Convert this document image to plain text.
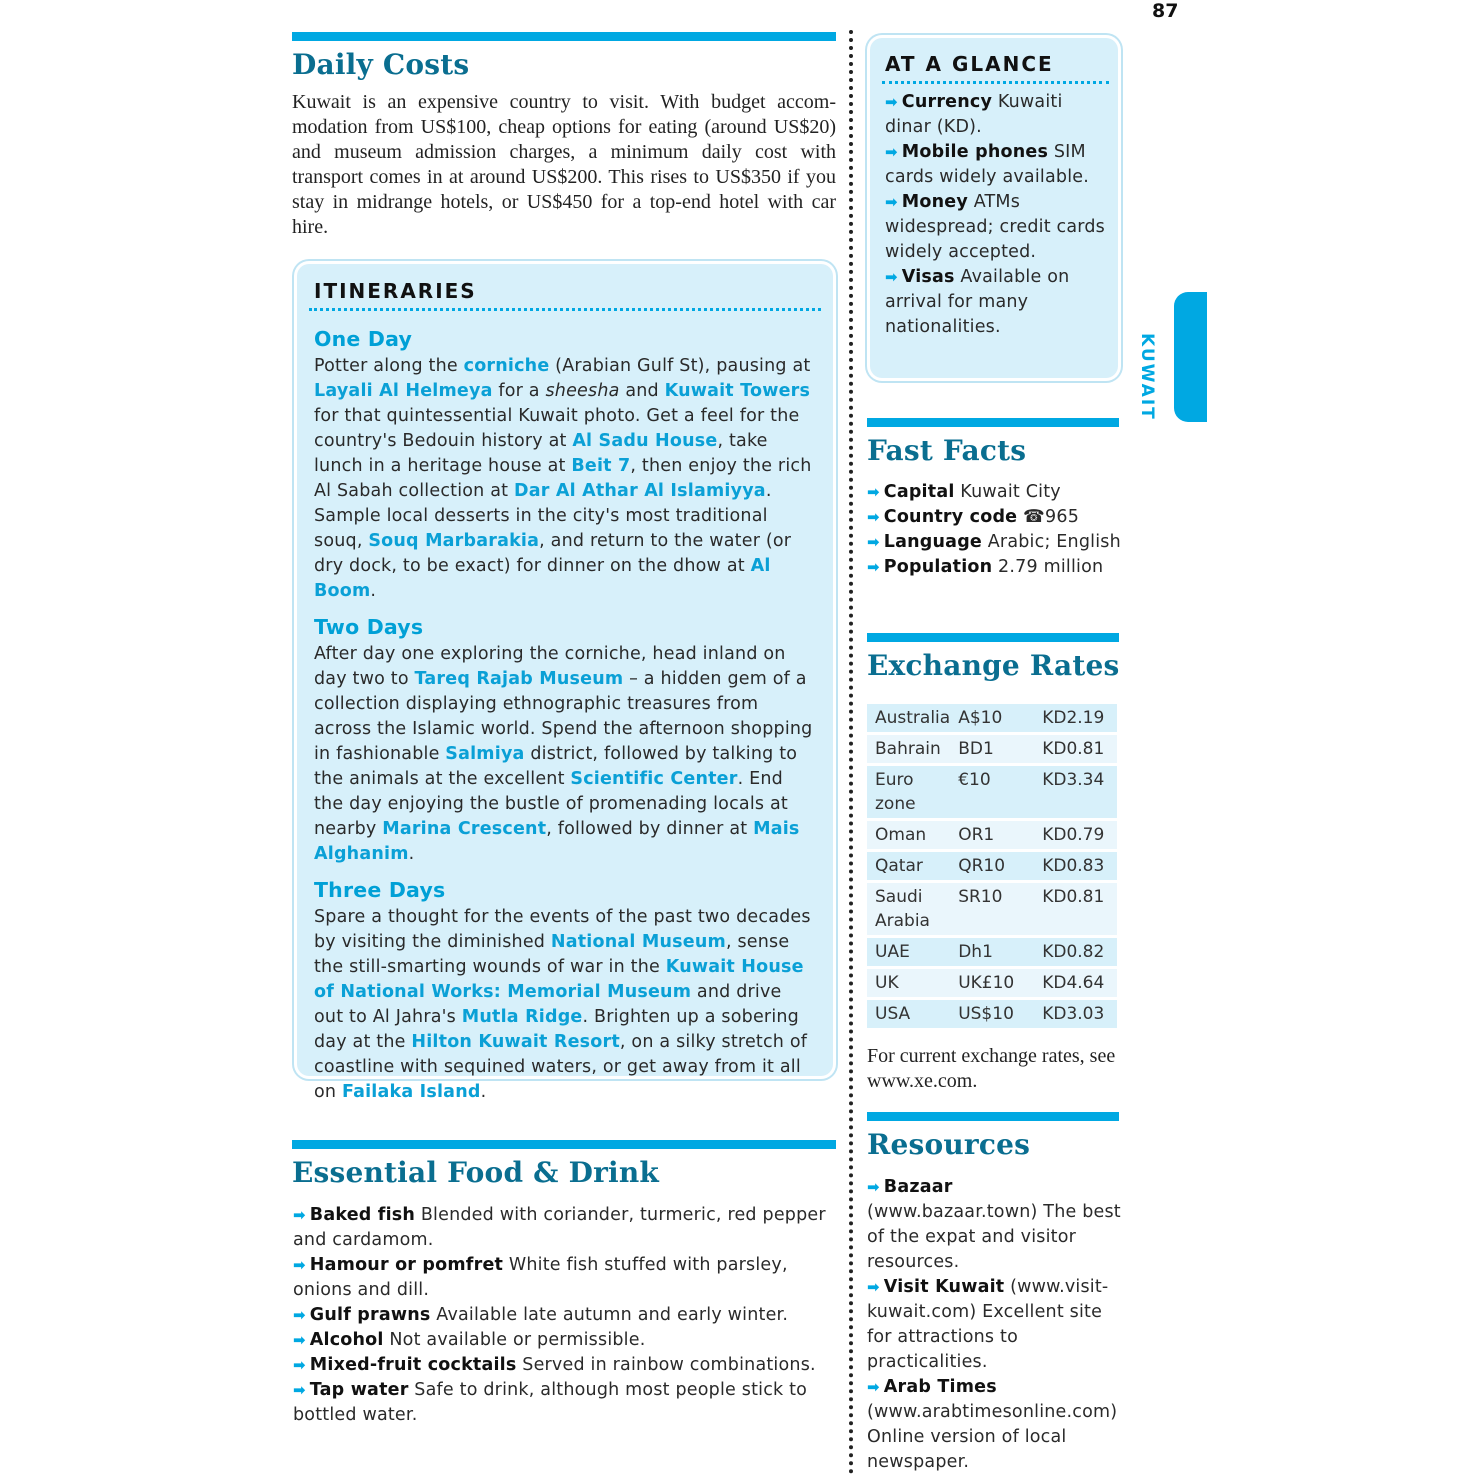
87
Daily Costs
Kuwait is an expensive country to visit. With budget accommodation from US$100, cheap options for eating (around US$20) and museum admission charges, a minimum daily cost with transport comes in at around US$200. This rises to US$350 if you stay in midrange hotels, or US$450 for a top-end hotel with car hire.
ITINERARIES
One Day

Potter along the corniche (Arabian Gulf St), pausing at Layali Al Helmeya for a sheesha and Kuwait Towers for that quintessential Kuwait photo. Get a feel for the country's Bedouin history at Al Sadu House, take lunch in a heritage house at Beit 7, then enjoy the rich Al Sabah collection at Dar Al Athar Al Islamiyya. Sample local desserts in the city's most traditional souq, Souq Marbarakia, and return to the water (or dry dock, to be exact) for dinner on the dhow at Al Boom.

Two Days

After day one exploring the corniche, head inland on day two to Tareq Rajab Museum – a hidden gem of a collection displaying ethnographic treasures from across the Islamic world. Spend the afternoon shopping in fashionable Salmiya district, followed by talking to the animals at the excellent Scientific Center. End the day enjoying the bustle of promenading locals at nearby Marina Crescent, followed by dinner at Mais Alghanim.

Three Days

Spare a thought for the events of the past two decades by visiting the diminished National Museum, sense the still-smarting wounds of war in the Kuwait House of National Works: Memorial Museum and drive out to Al Jahra's Mutla Ridge. Brighten up a sobering day at the Hilton Kuwait Resort, on a silky stretch of coastline with sequined waters, or get away from it all on Failaka Island.

Essential Food & Drink

➡ Baked fish Blended with coriander, turmeric, red pepper and cardamom.

➡ Hamour or pomfret White fish stuffed with parsley, onions and dill.

➡ Gulf prawns Available late autumn and early winter.

➡ Alcohol Not available or permissible.

➡ Mixed-fruit cocktails Served in rainbow combinations.

➡ Tap water Safe to drink, although most people stick to bottled water.

AT A GLANCE

➡ Currency Kuwaiti dinar (KD).

➡ Mobile phones SIM cards widely available.

➡ Money ATMs widespread; credit cards widely accepted.

➡ Visas Available on arrival for many nationalities.

KUWAIT
Fast Facts

➡ Capital Kuwait City

➡ Country code ☎965

➡ Language Arabic; English

➡ Population 2.79 million

Exchange Rates
Australia	A$10	KD2.19
Bahrain	BD1	KD0.81
Euro zone	€10	KD3.34
Oman	OR1	KD0.79
Qatar	QR10	KD0.83
Saudi Arabia	SR10	KD0.81
UAE	Dh1	KD0.82
UK	UK£10	KD4.64
USA	US$10	KD3.03
For current exchange rates, see www.xe.com.
Resources

➡ Bazaar (www.bazaar.town) The best of the expat and visitor resources.

➡ Visit Kuwait (www.visit-kuwait.com) Excellent site for attractions to practicalities.

➡ Arab Times (www.arabtimesonline.com) Online version of local newspaper.
